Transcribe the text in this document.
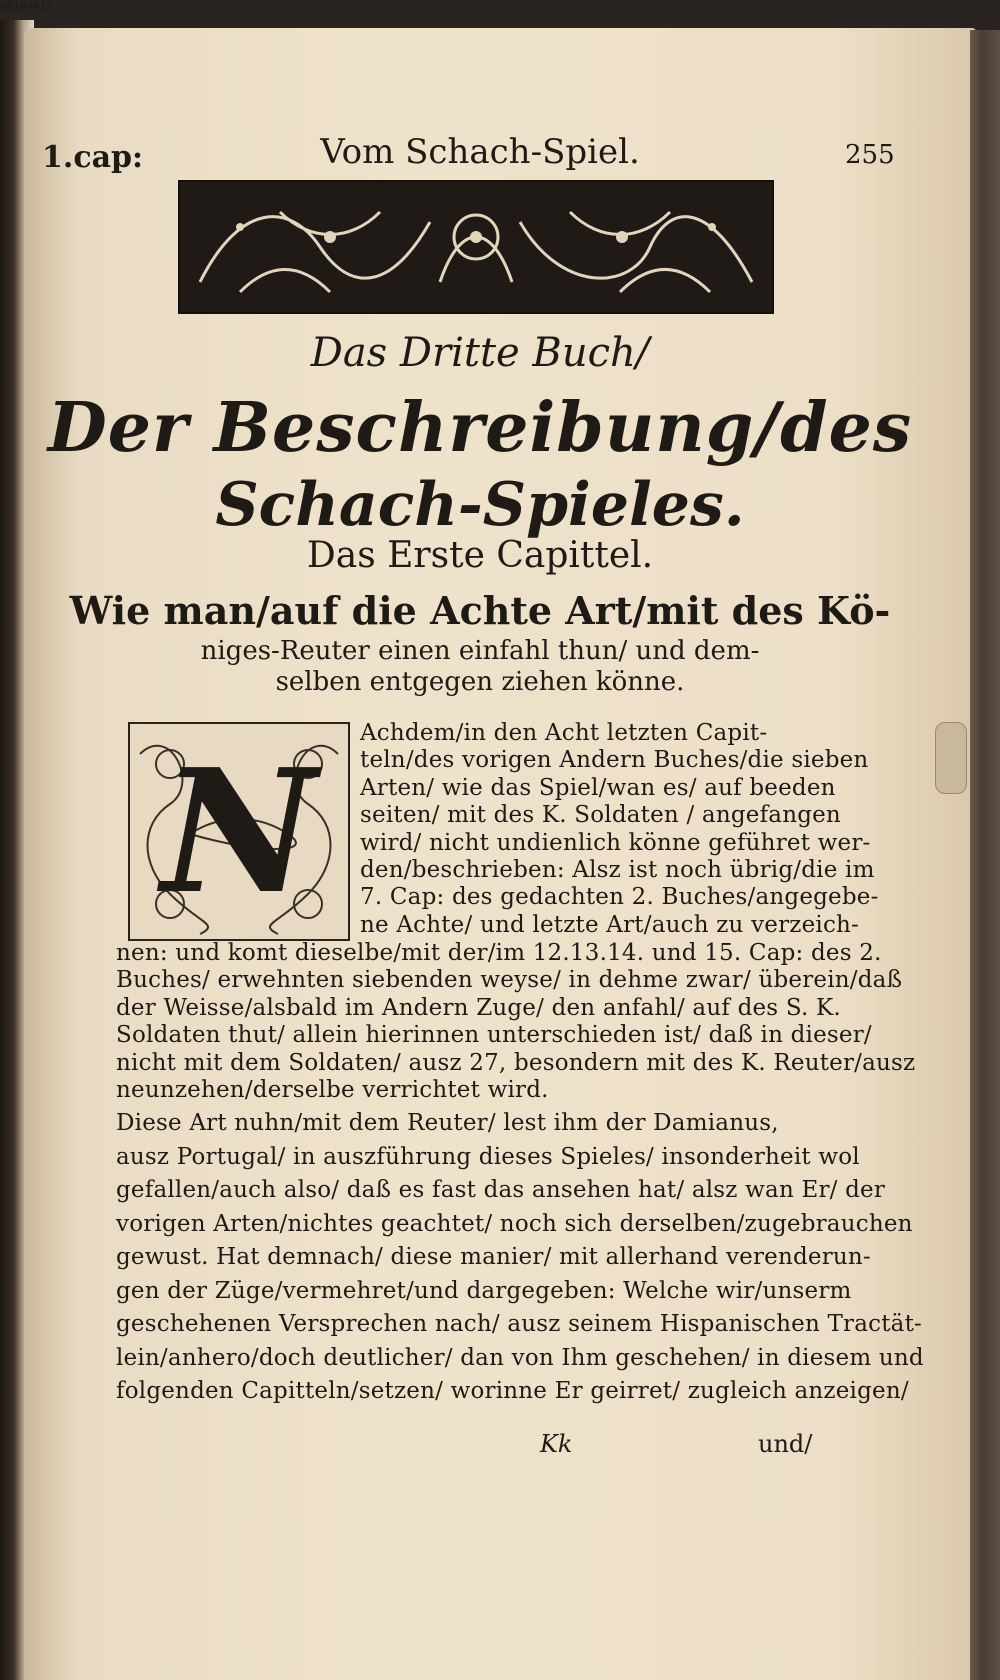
00104417
1.cap:	Vom Schach-Spiel.	255
Das Dritte Buch/
Der Beschreibung/des
Schach-Spieles.
Das Erste Capittel.
Wie man/auf die Achte Art/mit des Kö-
niges-Reuter einen einfahl thun/ und dem-
selben entgegen ziehen könne.
N	Achdem/in den Acht letzten Capit-
teln/des vorigen Andern Buches/die sieben
Arten/ wie das Spiel/wan es/ auf beeden
seiten/ mit des K. Soldaten / angefangen
wird/ nicht undienlich könne geführet wer-
den/beschrieben: Alsz ist noch übrig/die im
7. Cap: des gedachten 2. Buches/angegebe-
ne Achte/ und letzte Art/auch zu verzeich-
nen: und komt dieselbe/mit der/im 12.13.14. und 15. Cap: des 2.
Buches/ erwehnten siebenden weyse/ in dehme zwar/ überein/daß
der Weisse/alsbald im Andern Zuge/ den anfahl/ auf des S. K.
Soldaten thut/ allein hierinnen unterschieden ist/ daß in dieser/
nicht mit dem Soldaten/ ausz 27, besondern mit des K. Reuter/ausz
neunzehen/derselbe verrichtet wird.
Diese Art nuhn/mit dem Reuter/ lest ihm der Damianus,
ausz Portugal/ in auszführung dieses Spieles/ insonderheit wol
gefallen/auch also/ daß es fast das ansehen hat/ alsz wan Er/ der
vorigen Arten/nichtes geachtet/ noch sich derselben/zugebrauchen
gewust. Hat demnach/ diese manier/ mit allerhand verenderun-
gen der Züge/vermehret/und dargegeben: Welche wir/unserm
geschehenen Versprechen nach/ ausz seinem Hispanischen Tractät-
lein/anhero/doch deutlicher/ dan von Ihm geschehen/ in diesem und
folgenden Capitteln/setzen/ worinne Er geirret/ zugleich anzeigen/
Kk	und/
